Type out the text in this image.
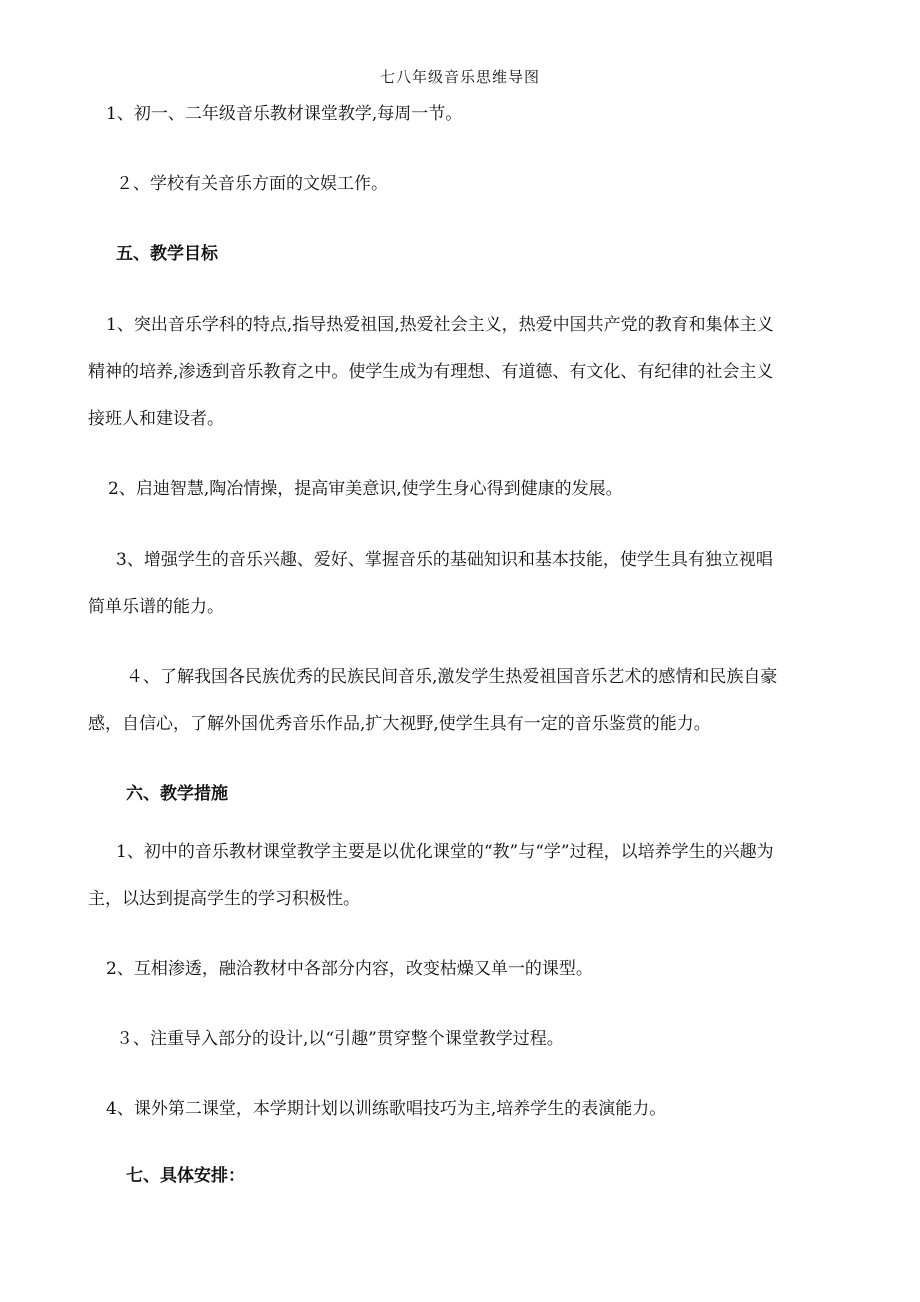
七八年级音乐思维导图
1、初一、二年级音乐教材课堂教学,每周一节。
２、学校有关音乐方面的文娱工作。
五、教学目标
1、突出音乐学科的特点,指导热爱祖国,热爱社会主义，热爱中国共产党的教育和集体主义
精神的培养,渗透到音乐教育之中。使学生成为有理想、有道德、有文化、有纪律的社会主义
接班人和建设者。
2、启迪智慧,陶冶情操，提高审美意识,使学生身心得到健康的发展。
3、增强学生的音乐兴趣、爱好、掌握音乐的基础知识和基本技能，使学生具有独立视唱
简单乐谱的能力。
４、了解我国各民族优秀的民族民间音乐,激发学生热爱祖国音乐艺术的感情和民族自豪
感，自信心，了解外国优秀音乐作品,扩大视野,使学生具有一定的音乐鉴赏的能力。
六、教学措施
1、初中的音乐教材课堂教学主要是以优化课堂的“教”与“学”过程，以培养学生的兴趣为
主，以达到提高学生的学习积极性。
2、互相渗透，融洽教材中各部分内容，改变枯燥又单一的课型。
３、注重导入部分的设计,以“引趣”贯穿整个课堂教学过程。
4、课外第二课堂，本学期计划以训练歌唱技巧为主,培养学生的表演能力。
七、具体安排：
